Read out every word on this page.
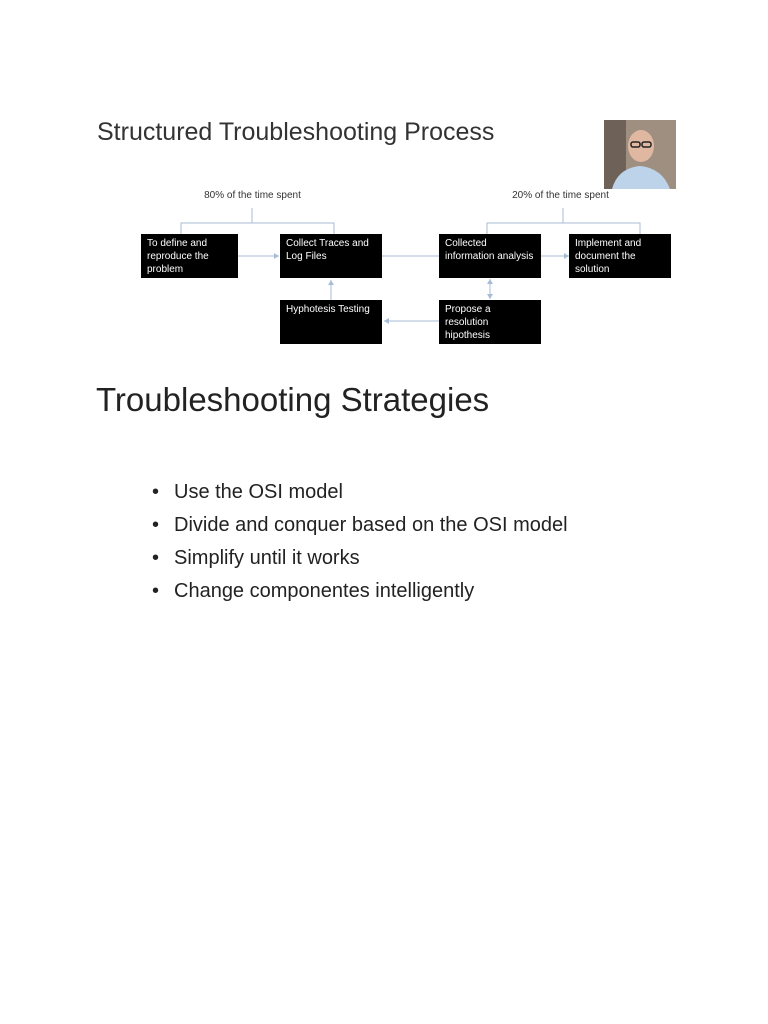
Structured Troubleshooting Process
80% of the time spent	20% of the time spent
To define and reproduce the problem
Collect Traces and Log Files
Collected information analysis
Implement and document the solution
Hyphotesis Testing	Propose a resolution hipothesis
Troubleshooting Strategies
• Use the OSI model
• Divide and conquer based on the OSI model
• Simplify until it works
• Change componentes intelligently
